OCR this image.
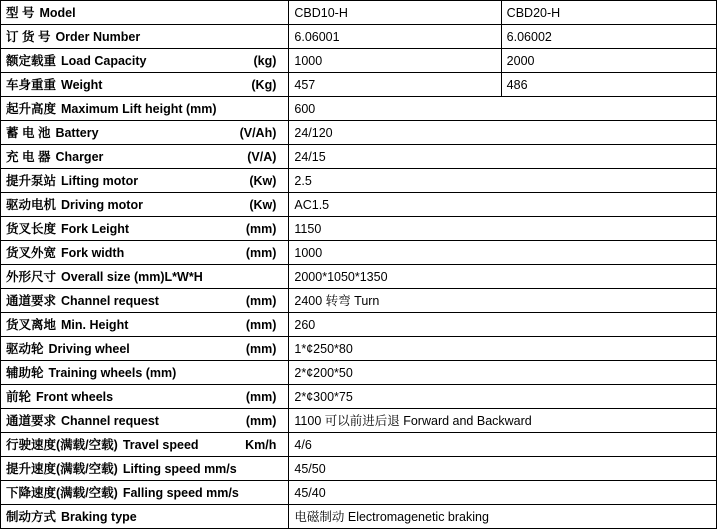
型 号 Model	CBD10-H	CBD20-H

订 货 号 Order Number	6.06001	6.06002

额定载重 Load Capacity (kg)	1000	2000

车身重重 Weight (Kg)	457	486

起升高度 Maximum Lift height (mm)	600	

蓄 电 池 Battery (V/Ah)	24/120	

充 电 器 Charger (V/A)	24/15	

提升泵站 Lifting motor (Kw)	2.5	

驱动电机 Driving motor (Kw)	AC1.5	

货叉长度 Fork Leight (mm)	1150	

货叉外宽 Fork width (mm)	1000	

外形尺寸 Overall size (mm)L*W*H	2000*1050*1350	

通道要求 Channel request (mm)	2400 转弯 Turn	

货叉离地 Min. Height (mm)	260	

驱动轮 Driving wheel (mm)	1*¢250*80	

辅助轮 Training wheels (mm)	2*¢200*50	

前轮 Front wheels (mm)	2*¢300*75	

通道要求 Channel request (mm)	1100 可以前进后退 Forward and Backward	

行驶速度(满载/空载) Travel speed Km/h	4/6	

提升速度(满载/空载) Lifting speed mm/s	45/50	

下降速度(满载/空载) Falling speed mm/s	45/40	

制动方式 Braking type	电磁制动 Electromagenetic braking	
